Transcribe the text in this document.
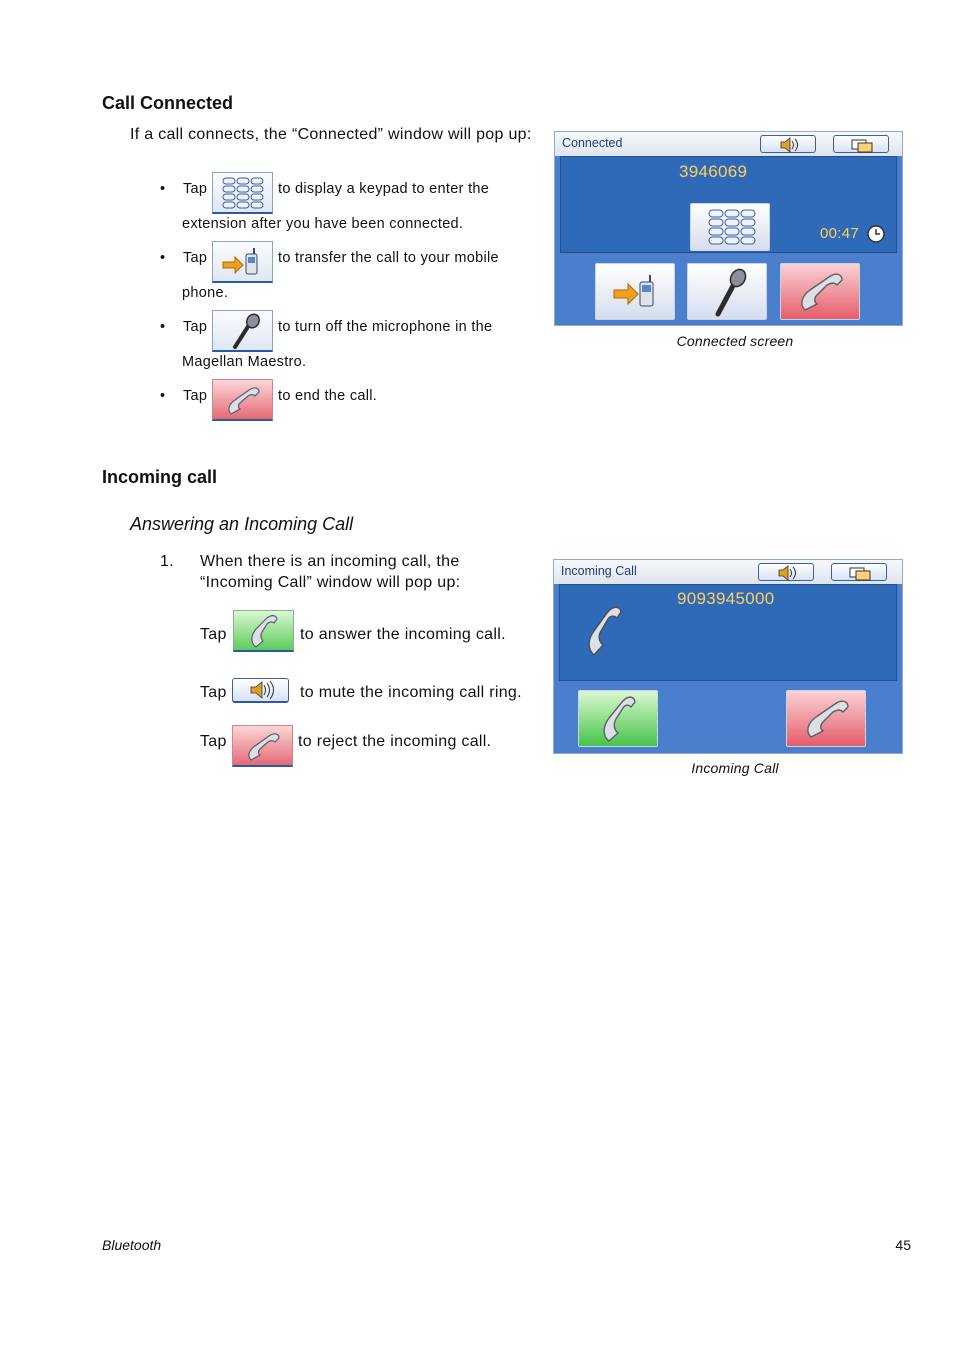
Call Connected
If a call connects, the “Connected” window will pop up:
• Tap	to display a keypad to enter the
extension after you have been connected.
• Tap	to transfer the call to your mobile
phone.
• Tap	to turn off the microphone in the
Magellan Maestro.
• Tap	to end the call.
Connected
3946069
00:47
Connected screen
Incoming call
Answering an Incoming Call
1. When there is an incoming call, the
“Incoming Call” window will pop up:
Tap	to answer the incoming call.
Tap	to mute the incoming call ring.
Tap	to reject the incoming call.
Incoming Call
9093945000
Incoming Call
Bluetooth	45
